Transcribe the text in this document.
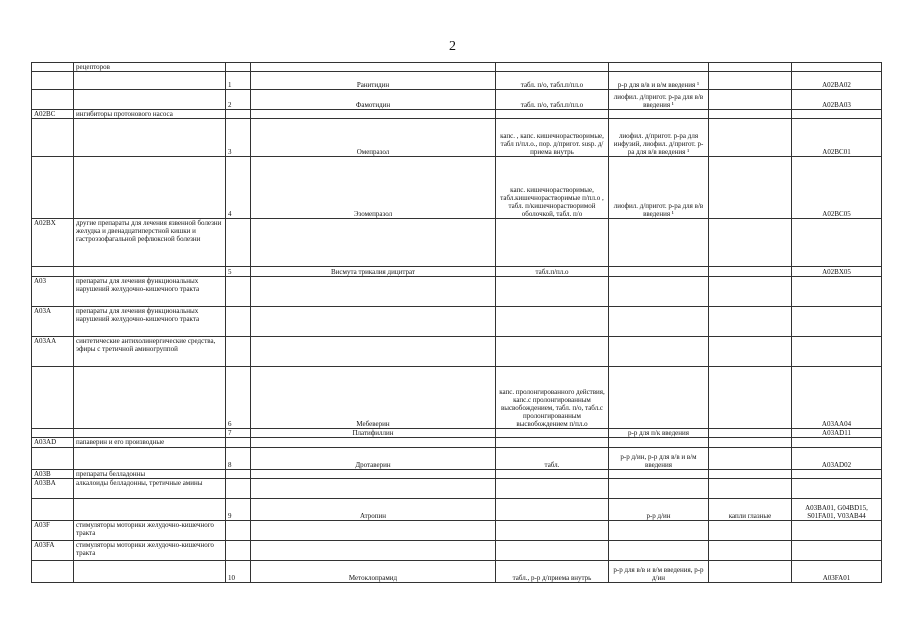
2
	рецепторов						
		1	Ранитидин	табл. п/о, табл.п/пл.о	р-р для в/в и в/м введения ¹		A02BA02
		2	Фамотидин	табл. п/о, табл.п/пл.о	лиофил. д/пригот. р-ра для в/в введения ¹		A02BA03
A02BC	ингибиторы протонового насоса						
		3	Омепразол	капс. , капс. кишечнорастворимые, табл п/пл.о., пор. д/пригот. susp. д/приема внутрь	лиофил. д/пригот. р-ра для инфузий, лиофил. д/пригот. р-ра для в/в введения ¹		A02BC01
		4	Эзомепразол	капс. кишечнорастворимые, табл.кишечнорастворимые п/пл.о , табл. п/кишечнорастворимой оболочкой, табл. п/о	лиофил. д/пригот. р-ра для в/в введения ¹		A02BC05
A02BX	другие препараты для лечения язвенной болезни желудка и двенадцатиперстной кишки и гастроэзофагальной рефлюксной болезни						
		5	Висмута трикалия дицитрат	табл.п/пл.о			A02BX05
A03	препараты для лечения функциональных нарушений желудочно-кишечного тракта						
A03A	препараты для лечения функциональных нарушений желудочно-кишечного тракта						
A03AA	синтетические антихолинергические средства, эфиры с третичной аминогруппой						
		6	Мебеверин	капс. пролонгированного действия, капс.с пролонгированным высвобождением, табл. п/о, табл.с пролонгированным высвобождением п/пл.о			A03AA04
		7	Платифиллин		р-р для п/к введения		A03AD11
A03AD	папаверин и его производные						
		8	Дротаверин	табл.	р-р д/ин, р-р для в/в и в/м введения		A03AD02
A03B	препараты белладонны						
A03BA	алкалоиды белладонны, третичные амины						
		9	Атропин		р-р д/ин	капли глазные	A03BA01, G04BD15, S01FA01, V03AB44
A03F	стимуляторы моторики желудочно-кишечного тракта						
A03FA	стимуляторы моторики желудочно-кишечного тракта						
		10	Метоклопрамид	табл., р-р д/приема внутрь	р-р для в/в и в/м введения, р-р д/ин		A03FA01
